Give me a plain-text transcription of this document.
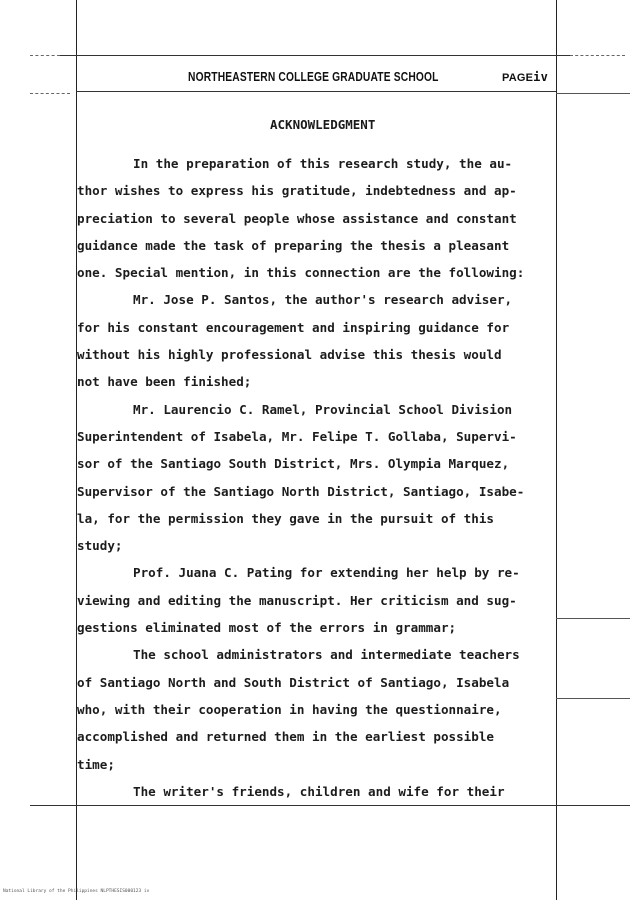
NORTHEASTERN COLLEGE GRADUATE SCHOOL	PAGEiv
ACKNOWLEDGMENT

In the preparation of this research study, the au-

thor wishes to express his gratitude, indebtedness and ap-

preciation to several people whose assistance and constant

guidance made the task of preparing the thesis a pleasant

one. Special mention, in this connection are the following:

Mr. Jose P. Santos, the author's research adviser,

for his constant encouragement and inspiring guidance for

without his highly professional advise this thesis would

not have been finished;

Mr. Laurencio C. Ramel, Provincial School Division

Superintendent of Isabela, Mr. Felipe T. Gollaba, Supervi-

sor of the Santiago South District, Mrs. Olympia Marquez,

Supervisor of the Santiago North District, Santiago, Isabe-

la, for the permission they gave in the pursuit of this

study;

Prof. Juana C. Pating for extending her help by re-

viewing and editing the manuscript. Her criticism and sug-

gestions eliminated most of the errors in grammar;

The school administrators and intermediate teachers

of Santiago North and South District of Santiago, Isabela

who, with their cooperation in having the questionnaire,

accomplished and returned them in the earliest possible

time;

The writer's friends, children and wife for their

National Library of the Philippines NLPTHESIS000123 iv
